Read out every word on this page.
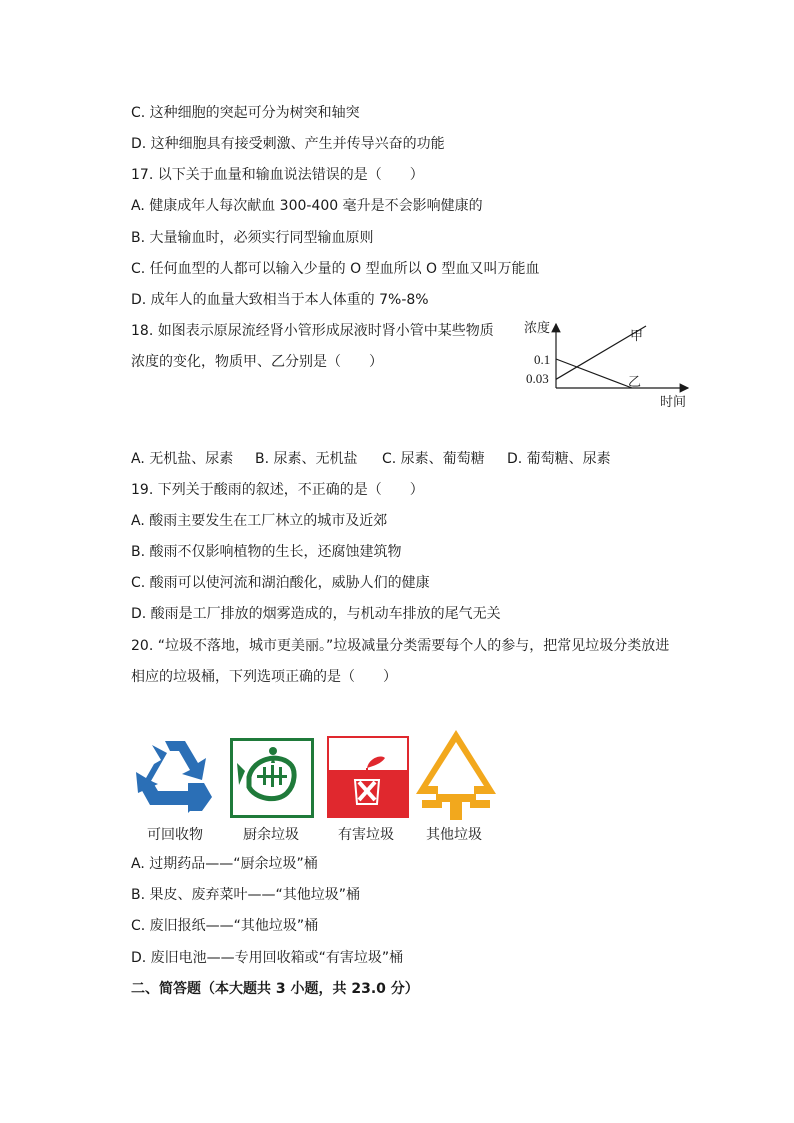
C. 这种细胞的突起可分为树突和轴突
D. 这种细胞具有接受刺激、产生并传导兴奋的功能
17. 以下关于血量和输血说法错误的是（　　）
A. 健康成年人每次献血 300-400 毫升是不会影响健康的
B. 大量输血时，必须实行同型输血原则
C. 任何血型的人都可以输入少量的 O 型血所以 O 型血又叫万能血
D. 成年人的血量大致相当于本人体重的 7%-8%
18. 如图表示原尿流经肾小管形成尿液时肾小管中某些物质
浓度的变化，物质甲、乙分别是（　　）
浓度
时间
0.1
0.03
甲
乙
A. 无机盐、尿素 B. 尿素、无机盐 C. 尿素、葡萄糖 D. 葡萄糖、尿素
19. 下列关于酸雨的叙述，不正确的是（　　）
A. 酸雨主要发生在工厂林立的城市及近郊
B. 酸雨不仅影响植物的生长，还腐蚀建筑物
C. 酸雨可以使河流和湖泊酸化，威胁人们的健康
D. 酸雨是工厂排放的烟雾造成的，与机动车排放的尾气无关
20. “垃圾不落地，城市更美丽。”垃圾减量分类需要每个人的参与，把常见垃圾分类放进
相应的垃圾桶，下列选项正确的是（　　）
可回收物	厨余垃圾	有害垃圾 其他垃圾
A. 过期药品——“厨余垃圾”桶
B. 果皮、废弃菜叶——“其他垃圾”桶
C. 废旧报纸——“其他垃圾”桶
D. 废旧电池——专用回收箱或“有害垃圾”桶
二、简答题（本大题共 3 小题，共 23.0 分）
